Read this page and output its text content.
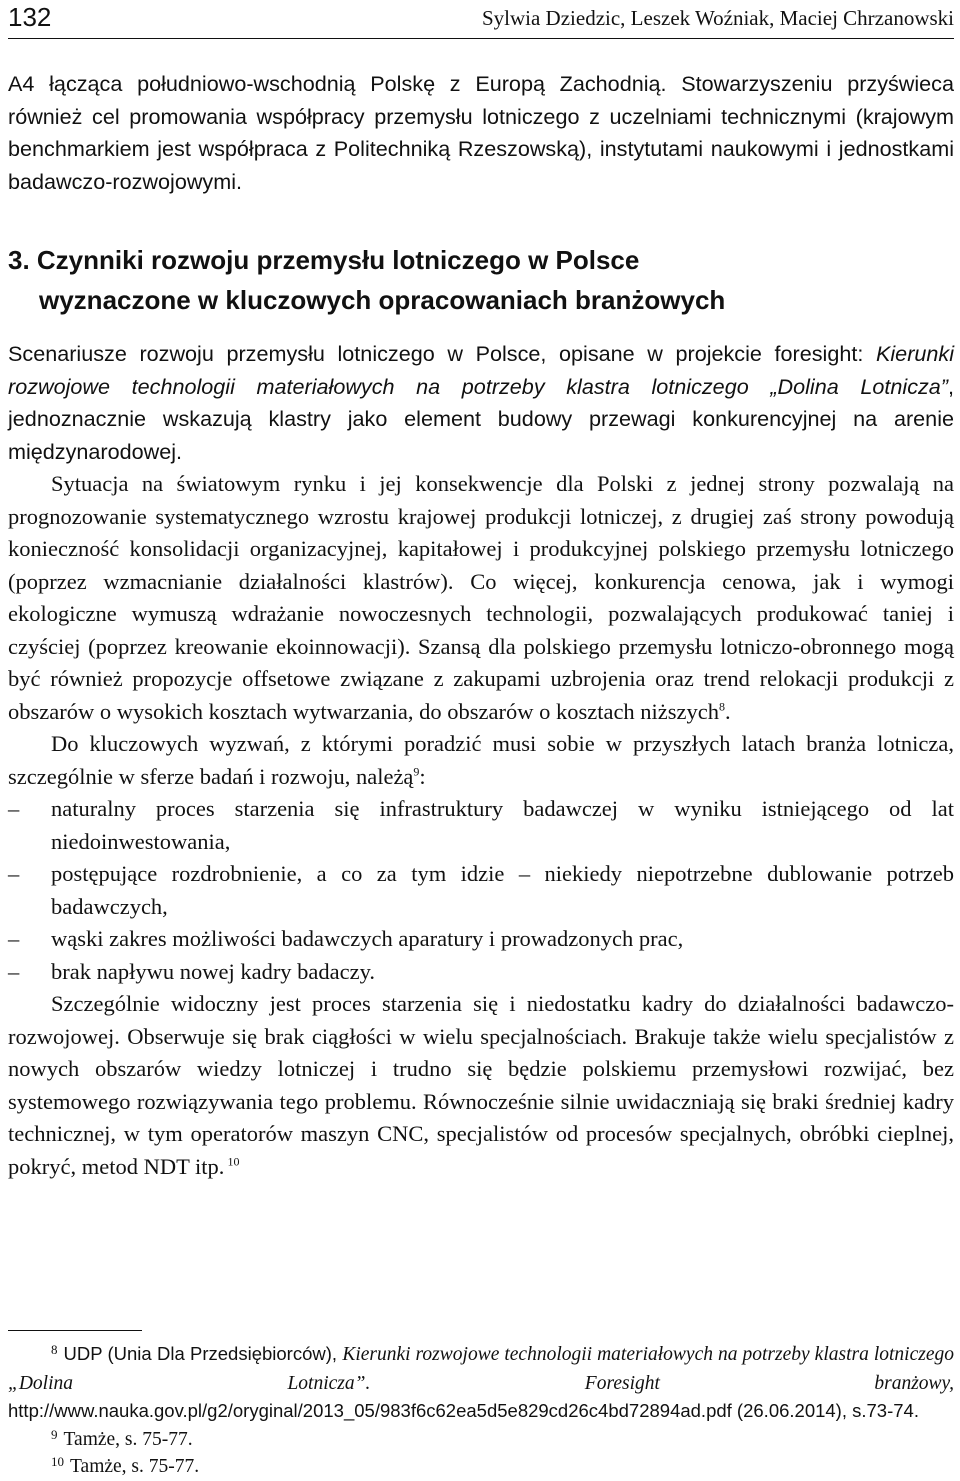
132	Sylwia Dziedzic, Leszek Woźniak, Maciej Chrzanowski
A4 łącząca południowo-wschodnią Polskę z Europą Zachodnią. Stowarzyszeniu przyświeca również cel promowania współpracy przemysłu lotniczego z uczelniami technicznymi (krajowym benchmarkiem jest współpraca z Politechniką Rzeszowską), instytutami naukowymi i jednostkami badawczo-rozwojowymi.
3. Czynniki rozwoju przemysłu lotniczego w Polsce
wyznaczone w kluczowych opracowaniach branżowych

Scenariusze rozwoju przemysłu lotniczego w Polsce, opisane w projekcie foresight: Kierunki rozwojowe technologii materiałowych na potrzeby klastra lotniczego „Dolina Lotnicza”, jednoznacznie wskazują klastry jako element budowy przewagi konkurencyjnej na arenie międzynarodowej.

Sytuacja na światowym rynku i jej konsekwencje dla Polski z jednej strony pozwalają na prognozowanie systematycznego wzrostu krajowej produkcji lotniczej, z drugiej zaś strony powodują konieczność konsolidacji organizacyjnej, kapitałowej i produkcyjnej polskiego przemysłu lotniczego (poprzez wzmacnianie działalności klastrów). Co więcej, konkurencja cenowa, jak i wymogi ekologiczne wymuszą wdrażanie nowoczesnych technologii, pozwalających produkować taniej i czyściej (poprzez kreowanie ekoinnowacji). Szansą dla polskiego przemysłu lotniczo-obronnego mogą być również propozycje offsetowe związane z zakupami uzbrojenia oraz trend relokacji produkcji z obszarów o wysokich kosztach wytwarzania, do obszarów o kosztach niższych$^8$.

Do kluczowych wyzwań, z którymi poradzić musi sobie w przyszłych latach branża lotnicza, szczególnie w sferze badań i rozwoju, należą$^9$:

– naturalny proces starzenia się infrastruktury badawczej w wyniku istniejącego od lat niedoinwestowania,
– postępujące rozdrobnienie, a co za tym idzie – niekiedy niepotrzebne dublowanie potrzeb badawczych,
– wąski zakres możliwości badawczych aparatury i prowadzonych prac,
– brak napływu nowej kadry badaczy.

Szczególnie widoczny jest proces starzenia się i niedostatku kadry do działalności badawczo-rozwojowej. Obserwuje się brak ciągłości w wielu specjalnościach. Brakuje także wielu specjalistów z nowych obszarów wiedzy lotniczej i trudno się będzie polskiemu przemysłowi rozwijać, bez systemowego rozwiązywania tego problemu. Równocześnie silnie uwidaczniają się braki średniej kadry technicznej, w tym operatorów maszyn CNC, specjalistów od procesów specjalnych, obróbki cieplnej, pokryć, metod NDT itp. $^{10}$

$^8$ UDP (Unia Dla Przedsiębiorców), Kierunki rozwojowe technologii materiałowych na potrzeby klastra lotniczego „Dolina Lotnicza”. Foresight branżowy, http://www.nauka.gov.pl/g2/oryginal/2013_05/983f6c62ea5d5e829cd26c4bd72894ad.pdf (26.06.2014), s.73-74.

$^9$ Tamże, s. 75-77.

$^{10}$ Tamże, s. 75-77.
